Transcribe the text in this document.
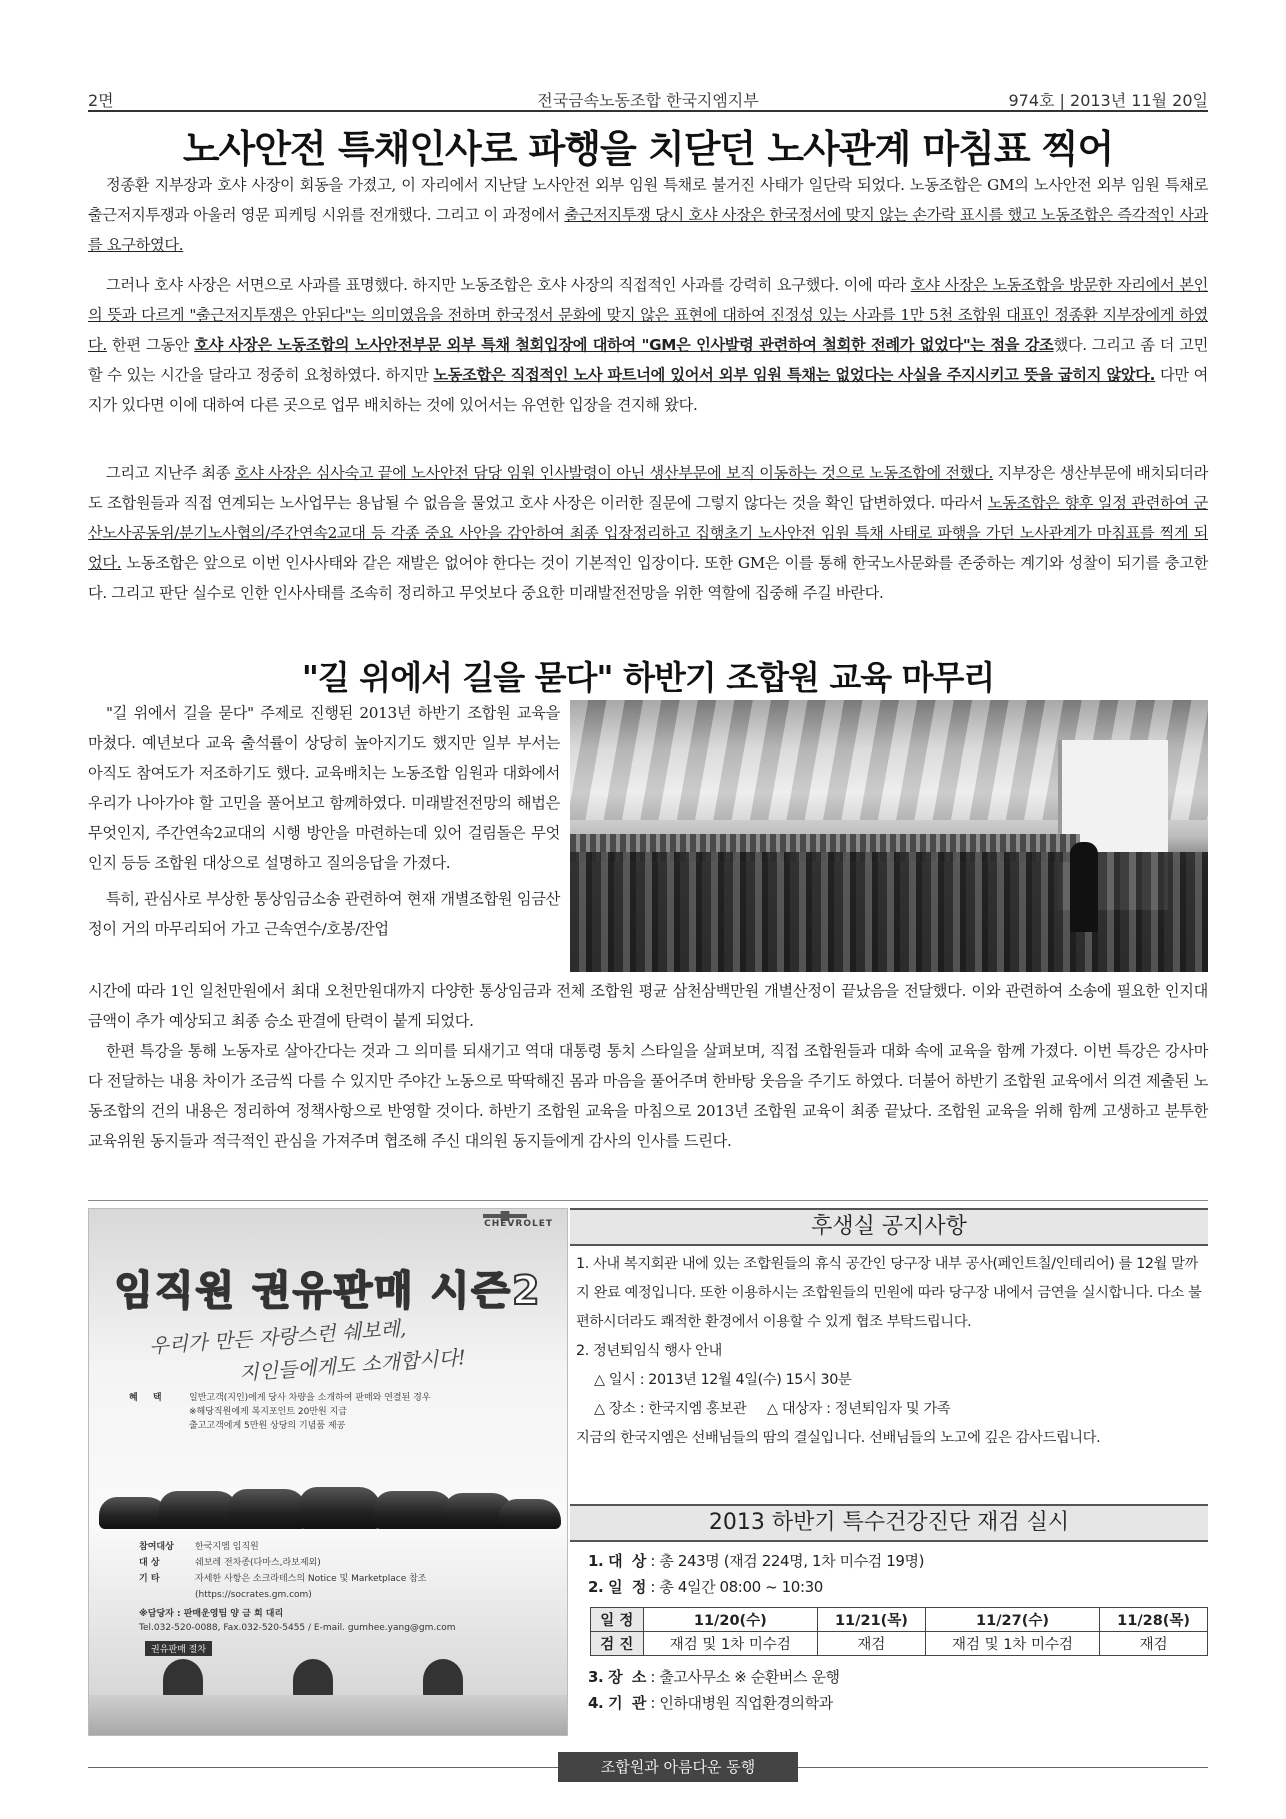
2면	전국금속노동조합 한국지엠지부	974호 | 2013년 11월 20일
노사안전 특채인사로 파행을 치닫던 노사관계 마침표 찍어

정종환 지부장과 호샤 사장이 회동을 가졌고, 이 자리에서 지난달 노사안전 외부 임원 특채로 불거진 사태가 일단락 되었다. 노동조합은 GM의 노사안전 외부 임원 특채로 출근저지투쟁과 아울러 영문 피케팅 시위를 전개했다. 그리고 이 과정에서 출근저지투쟁 당시 호샤 사장은 한국정서에 맞지 않는 손가락 표시를 했고 노동조합은 즉각적인 사과를 요구하였다.

그러나 호샤 사장은 서면으로 사과를 표명했다. 하지만 노동조합은 호샤 사장의 직접적인 사과를 강력히 요구했다. 이에 따라 호샤 사장은 노동조합을 방문한 자리에서 본인의 뜻과 다르게 "출근저지투쟁은 안된다"는 의미였음을 전하며 한국정서 문화에 맞지 않은 표현에 대하여 진정성 있는 사과를 1만 5천 조합원 대표인 정종환 지부장에게 하였다. 한편 그동안 호샤 사장은 노동조합의 노사안전부문 외부 특채 철회입장에 대하여 "GM은 인사발령 관련하여 철회한 전례가 없었다"는 점을 강조했다. 그리고 좀 더 고민할 수 있는 시간을 달라고 정중히 요청하였다. 하지만 노동조합은 직접적인 노사 파트너에 있어서 외부 임원 특채는 없었다는 사실을 주지시키고 뜻을 굽히지 않았다. 다만 여지가 있다면 이에 대하여 다른 곳으로 업무 배치하는 것에 있어서는 유연한 입장을 견지해 왔다.

그리고 지난주 최종 호샤 사장은 심사숙고 끝에 노사안전 담당 임원 인사발령이 아닌 생산부문에 보직 이동하는 것으로 노동조합에 전했다. 지부장은 생산부문에 배치되더라도 조합원들과 직접 연계되는 노사업무는 용납될 수 없음을 물었고 호샤 사장은 이러한 질문에 그렇지 않다는 것을 확인 답변하였다. 따라서 노동조합은 향후 일정 관련하여 군산노사공동위/분기노사협의/주간연속2교대 등 각종 중요 사안을 감안하여 최종 입장정리하고 집행초기 노사안전 임원 특채 사태로 파행을 가던 노사관계가 마침표를 찍게 되었다. 노동조합은 앞으로 이번 인사사태와 같은 재발은 없어야 한다는 것이 기본적인 입장이다. 또한 GM은 이를 통해 한국노사문화를 존중하는 계기와 성찰이 되기를 충고한다. 그리고 판단 실수로 인한 인사사태를 조속히 정리하고 무엇보다 중요한 미래발전전망을 위한 역할에 집중해 주길 바란다.

"길 위에서 길을 묻다" 하반기 조합원 교육 마무리

"길 위에서 길을 묻다" 주제로 진행된 2013년 하반기 조합원 교육을 마쳤다. 예년보다 교육 출석률이 상당히 높아지기도 했지만 일부 부서는 아직도 참여도가 저조하기도 했다. 교육배치는 노동조합 임원과 대화에서 우리가 나아가야 할 고민을 풀어보고 함께하였다. 미래발전전망의 해법은 무엇인지, 주간연속2교대의 시행 방안을 마련하는데 있어 걸림돌은 무엇인지 등등 조합원 대상으로 설명하고 질의응답을 가졌다.

특히, 관심사로 부상한 통상임금소송 관련하여 현재 개별조합원 임금산정이 거의 마무리되어 가고 근속연수/호봉/잔업

시간에 따라 1인 일천만원에서 최대 오천만원대까지 다양한 통상임금과 전체 조합원 평균 삼천삼백만원 개별산정이 끝났음을 전달했다. 이와 관련하여 소송에 필요한 인지대 금액이 추가 예상되고 최종 승소 판결에 탄력이 붙게 되었다.

한편 특강을 통해 노동자로 살아간다는 것과 그 의미를 되새기고 역대 대통령 통치 스타일을 살펴보며, 직접 조합원들과 대화 속에 교육을 함께 가졌다. 이번 특강은 강사마다 전달하는 내용 차이가 조금씩 다를 수 있지만 주야간 노동으로 딱딱해진 몸과 마음을 풀어주며 한바탕 웃음을 주기도 하였다. 더불어 하반기 조합원 교육에서 의견 제출된 노동조합의 건의 내용은 정리하여 정책사항으로 반영할 것이다. 하반기 조합원 교육을 마침으로 2013년 조합원 교육이 최종 끝났다. 조합원 교육을 위해 함께 고생하고 분투한 교육위원 동지들과 적극적인 관심을 가져주며 협조해 주신 대의원 동지들에게 감사의 인사를 드린다.

CHEVROLET
임직원 권유판매 시즌2
우리가 만든 자랑스런 쉐보레,
지인들에게도 소개합시다!
혜 택 일반고객(지인)에게 당사 차량을 소개하여 판매와 연결된 경우
※해당직원에게 복지포인트 20만원 지급
출고고객에게 5만원 상당의 기념품 제공
참여대상 한국지엠 임직원
대 상	쉐보레 전차종(다마스,라보제외)
기 타	자세한 사항은 소크라테스의 Notice 및 Marketplace 참조
(https://socrates.gm.com)
※담당자 : 판매운영팀 양 금 희 대리
Tel.032-520-0088, Fax.032-520-5455 / E-mail. gumhee.yang@gm.com
권유판매 절차
후생실 공지사항
1. 사내 복지회관 내에 있는 조합원들의 휴식 공간인 당구장 내부 공사(페인트칠/인테리어) 를 12월 말까지 완료 예정입니다. 또한 이용하시는 조합원들의 민원에 따라 당구장 내에서 금연을 실시합니다. 다소 불편하시더라도 쾌적한 환경에서 이용할 수 있게 협조 부탁드립니다.
2. 정년퇴임식 행사 안내
△ 일시 : 2013년 12월 4일(수) 15시 30분
△ 장소 : 한국지엠 홍보관     △ 대상자 : 정년퇴임자 및 가족
지금의 한국지엠은 선배님들의 땀의 결실입니다. 선배님들의 노고에 깊은 감사드립니다.
2013 하반기 특수건강진단 재검 실시
1. 대  상 : 총 243명 (재검 224명, 1차 미수검 19명)
2. 일  정 : 총 4일간 08:00 ~ 10:30
일 정	11/20(수)	11/21(목)	11/27(수)	11/28(목)
검 진	재검 및 1차 미수검	재검	재검 및 1차 미수검	재검
3. 장  소 : 출고사무소 ※ 순환버스 운행
4. 기  관 : 인하대병원 직업환경의학과
조합원과 아름다운 동행
